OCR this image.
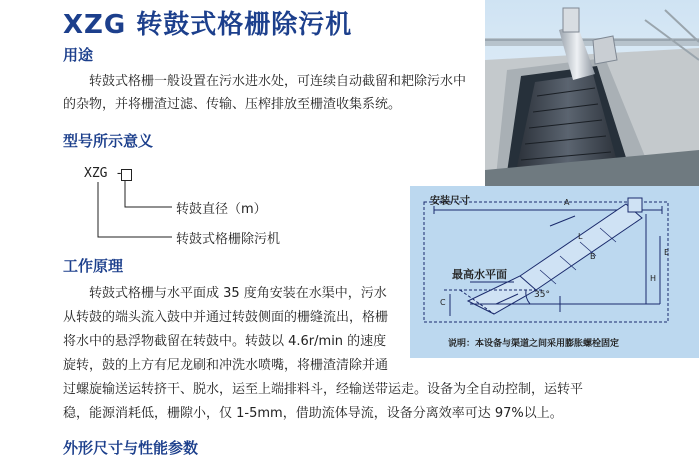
XZG 转鼓式格栅除污机
用途
转鼓式格栅一般设置在污水进水处，可连续自动截留和耙除污水中
的杂物，并将栅渣过滤、传输、压榨排放至栅渣收集系统。
型号所示意义
XZG -
转鼓直径（m）
转鼓式格栅除污机
工作原理
转鼓式格栅与水平面成 35 度角安装在水渠中，污水
从转鼓的端头流入鼓中并通过转鼓侧面的栅缝流出，格栅
将水中的悬浮物截留在转鼓中。转鼓以 4.6r/min 的速度
旋转，鼓的上方有尼龙刷和冲洗水喷嘴，将栅渣清除并通
过螺旋输送运转挤干、脱水，运至上端排料斗，经输送带运走。设备为全自动控制，运转平
稳，能源消耗低，栅隙小，仅 1-5mm，借助流体导流，设备分离效率可达 97%以上。
外形尺寸与性能参数
安装尺寸
最高水平面
35°
A
B
L
H
E
C
说明：本设备与渠道之间采用膨胀螺栓固定
